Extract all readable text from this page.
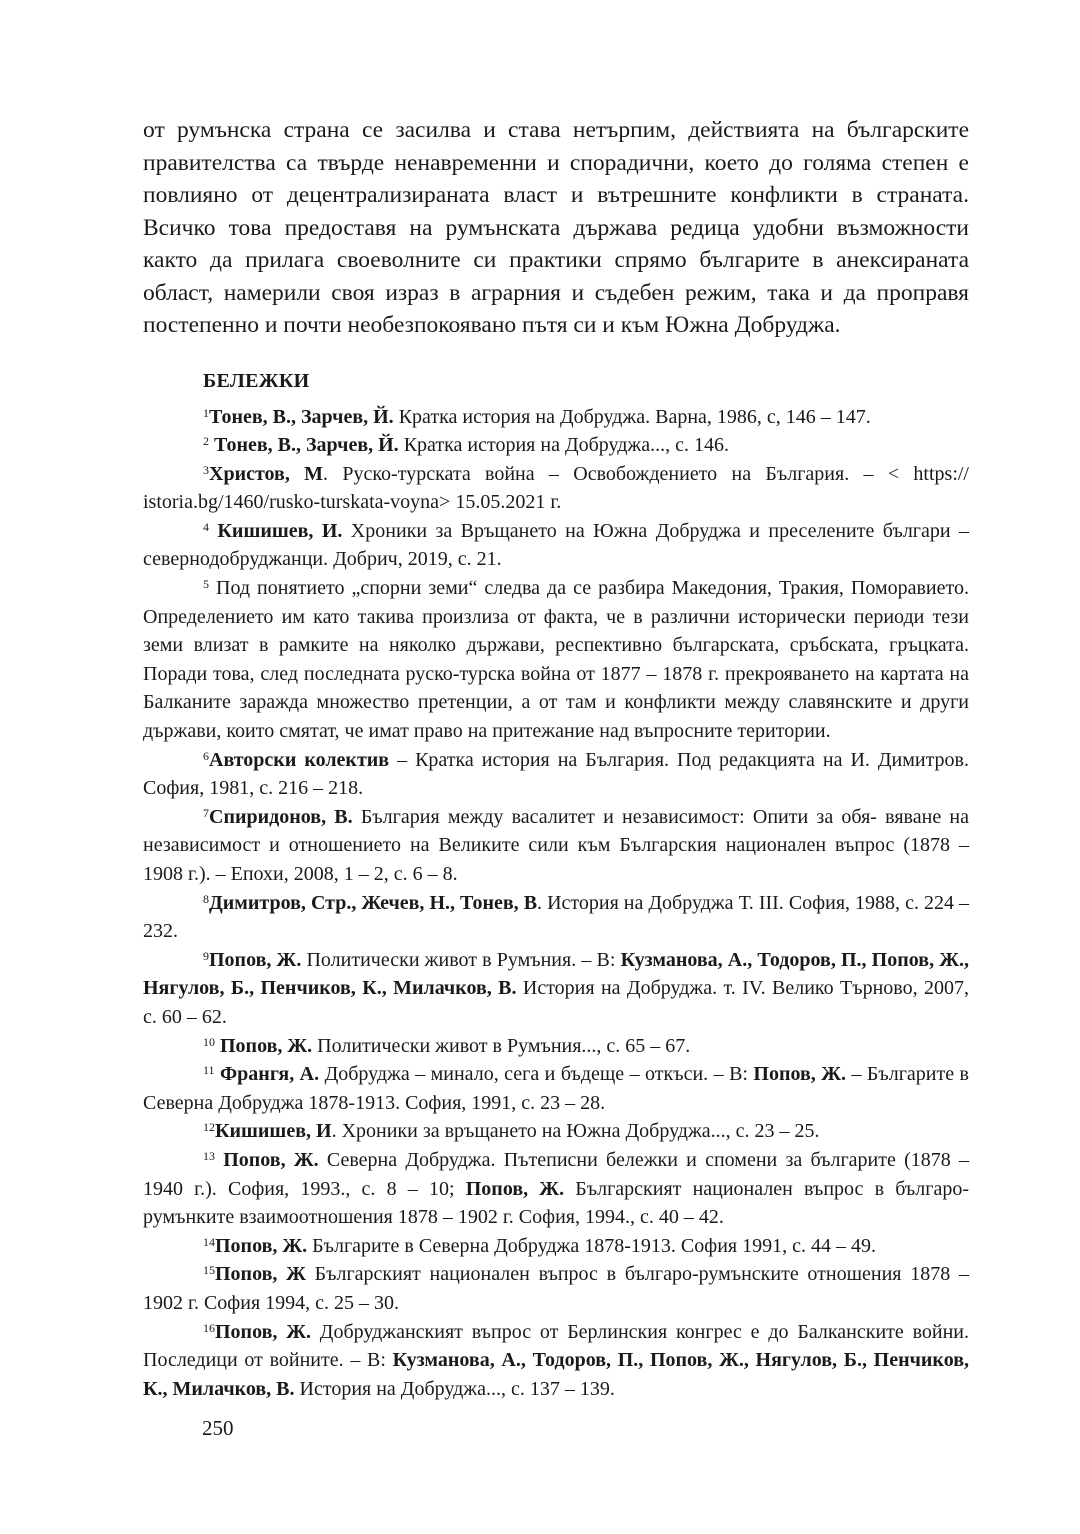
от румънска страна се засилва и става нетърпим, действията на българските правителства са твърде ненавременни и спорадични, което до голяма степен е повлияно от децентрализираната власт и вътрешните конфликти в страната. Всичко това предоставя на румънската държава редица удобни възможности както да прилага своеволните си практики спрямо българите в анексираната област, намерили своя израз в аграрния и съдебен режим, така и да проправя постепенно и почти необезпокоявано пътя си и към Южна Добруджа.

БЕЛЕЖКИ

$^1$Тонев, В., Зарчев, Й. Кратка история на Добруджа. Варна, 1986, с, 146 – 147.

$^2$ Тонев, В., Зарчев, Й. Кратка история на Добруджа..., с. 146.

$^3$Христов, М. Руско-турската война – Освобождението на България. – < https:// istoria.bg/1460/rusko-turskata-voyna> 15.05.2021 г.

$^4$ Кишишев, И. Хроники за Връщането на Южна Добруджа и преселените българи – севернодобруджанци. Добрич, 2019, с. 21.

$^5$ Под понятието „спорни земи“ следва да се разбира Македония, Тракия, Поморавието. Определението им като такива произлиза от факта, че в различни исторически периоди тези земи влизат в рамките на няколко държави, респективно българската, сръбската, гръцката. Поради това, след последната руско-турска война от 1877 – 1878 г. прекрояването на картата на Балканите заражда множество претенции, а от там и конфликти между славянските и други държави, които смятат, че имат право на притежание над въпросните територии.

$^6$Авторски колектив – Кратка история на България. Под редакцията на И. Димитров. София, 1981, с. 216 – 218.

$^7$Спиридонов, В. България между васалитет и независимост: Опити за обя- вяване на независимост и отношението на Великите сили към Българския национален въпрос (1878 – 1908 г.). – Епохи, 2008, 1 – 2, с. 6 – 8.

$^8$Димитров, Стр., Жечев, Н., Тонев, В. История на Добруджа Т. III. София, 1988, с. 224 – 232.

$^9$Попов, Ж. Политически живот в Румъния. – В: Кузманова, А., Тодоров, П., Попов, Ж., Нягулов, Б., Пенчиков, К., Милачков, В. История на Добруджа. т. IV. Велико Търново, 2007, с. 60 – 62.

$^{10}$ Попов, Ж. Политически живот в Румъния..., с. 65 – 67.

$^{11}$ Франгя, А. Добруджа – минало, сега и бъдеще – откъси. – В: Попов, Ж. – Българите в Северна Добруджа 1878-1913. София, 1991, с. 23 – 28.

$^{12}$Кишишев, И. Хроники за връщането на Южна Добруджа..., с. 23 – 25.

$^{13}$ Попов, Ж. Северна Добруджа. Пътеписни бележки и спомени за българите (1878 – 1940 г.). София, 1993., с. 8 – 10; Попов, Ж. Българският национален въпрос в българо-румънките взаимоотношения 1878 – 1902 г. София, 1994., с. 40 – 42.

$^{14}$Попов, Ж. Българите в Северна Добруджа 1878-1913. София 1991, с. 44 – 49.

$^{15}$Попов, Ж Българският национален въпрос в българо-румънските отношения 1878 – 1902 г. София 1994, с. 25 – 30.

$^{16}$Попов, Ж. Добруджанският въпрос от Берлинския конгрес е до Балканските войни. Последици от войните. – В: Кузманова, А., Тодоров, П., Попов, Ж., Нягулов, Б., Пенчиков, К., Милачков, В. История на Добруджа..., с. 137 – 139.

250
